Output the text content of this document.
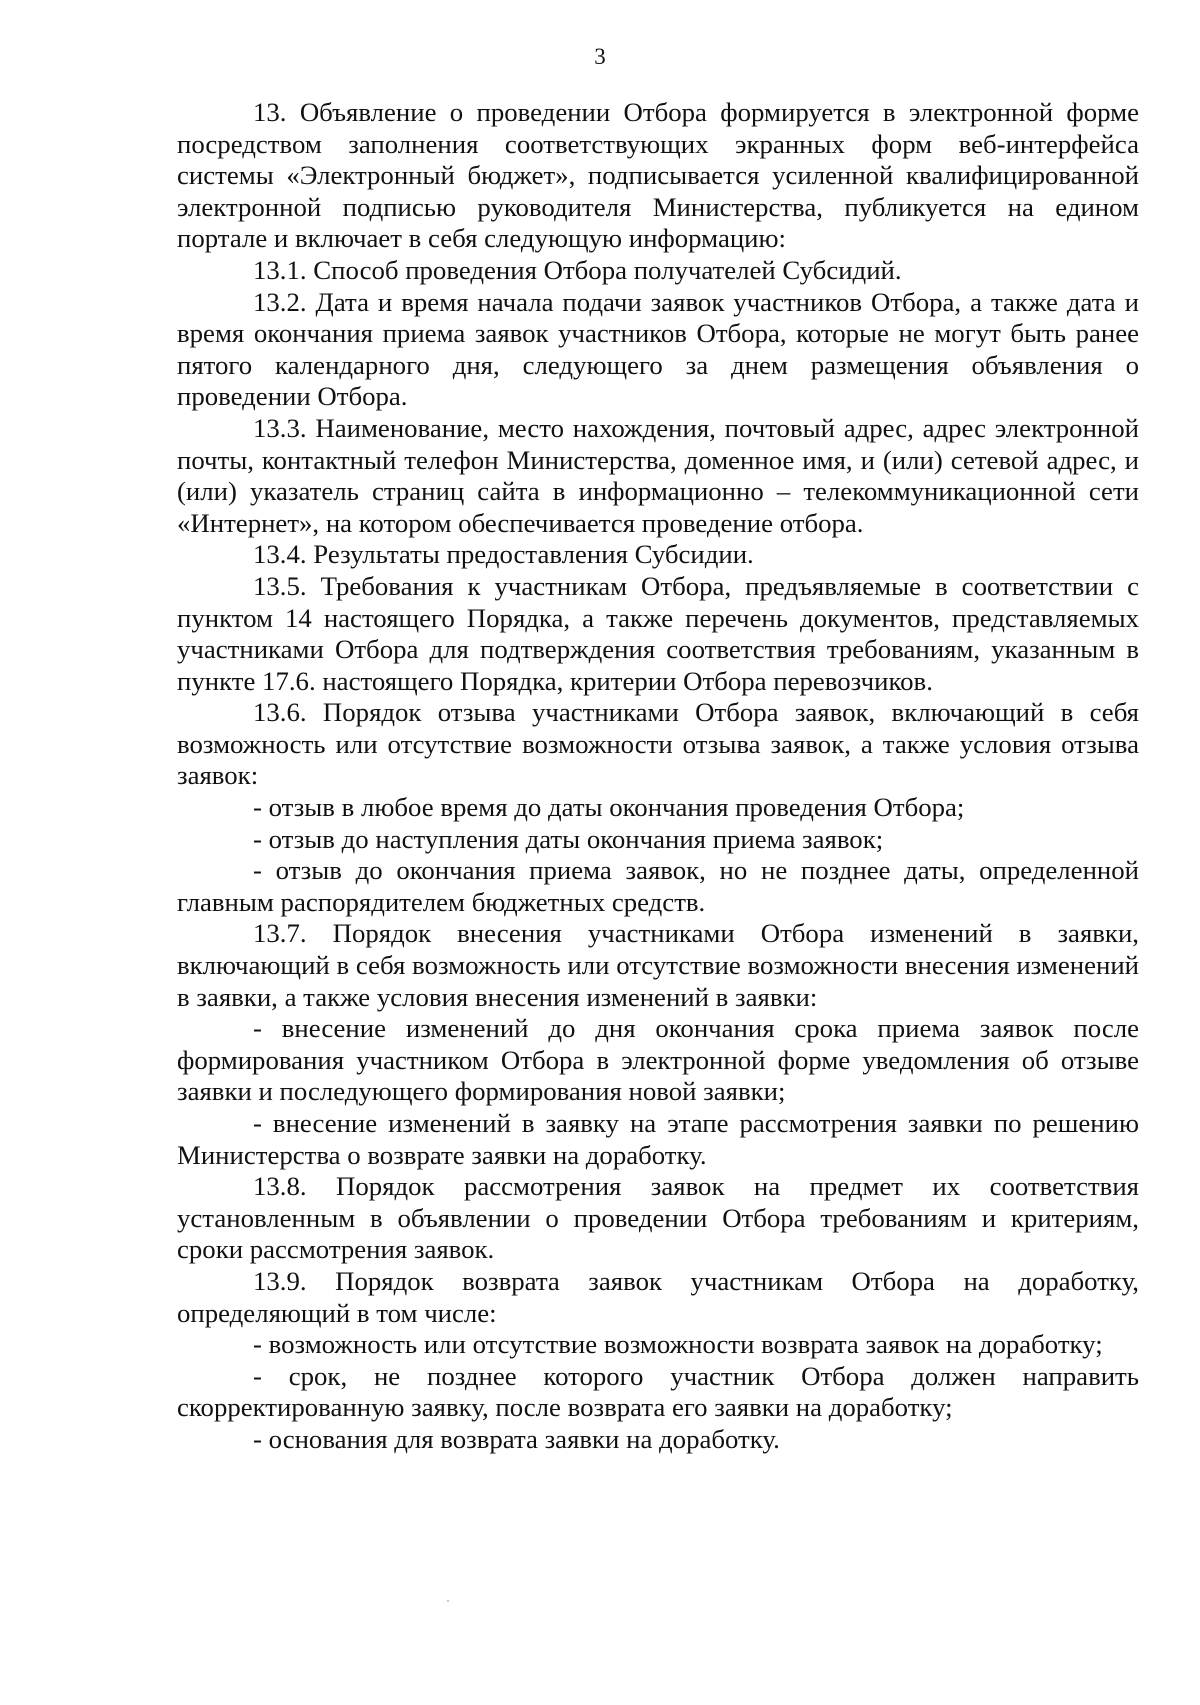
3

13. Объявление о проведении Отбора формируется в электронной форме посредством заполнения соответствующих экранных форм веб-интерфейса системы «Электронный бюджет», подписывается усиленной квалифицированной электронной подписью руководителя Министерства, публикуется на едином портале и включает в себя следующую информацию:

13.1. Способ проведения Отбора получателей Субсидий.

13.2. Дата и время начала подачи заявок участников Отбора, а также дата и время окончания приема заявок участников Отбора, которые не могут быть ранее пятого календарного дня, следующего за днем размещения объявления о проведении Отбора.

13.3. Наименование, место нахождения, почтовый адрес, адрес электронной почты, контактный телефон Министерства, доменное имя, и (или) сетевой адрес, и (или) указатель страниц сайта в информационно – телекоммуникационной сети «Интернет», на котором обеспечивается проведение отбора.

13.4. Результаты предоставления Субсидии.

13.5. Требования к участникам Отбора, предъявляемые в соответствии с пунктом 14 настоящего Порядка, а также перечень документов, представляемых участниками Отбора для подтверждения соответствия требованиям, указанным в пункте 17.6. настоящего Порядка, критерии Отбора перевозчиков.

13.6. Порядок отзыва участниками Отбора заявок, включающий в себя возможность или отсутствие возможности отзыва заявок, а также условия отзыва заявок:

- отзыв в любое время до даты окончания проведения Отбора;

- отзыв до наступления даты окончания приема заявок;

- отзыв до окончания приема заявок, но не позднее даты, определенной главным распорядителем бюджетных средств.

13.7. Порядок внесения участниками Отбора изменений в заявки, включающий в себя возможность или отсутствие возможности внесения изменений в заявки, а также условия внесения изменений в заявки:

- внесение изменений до дня окончания срока приема заявок после формирования участником Отбора в электронной форме уведомления об отзыве заявки и последующего формирования новой заявки;

- внесение изменений в заявку на этапе рассмотрения заявки по решению Министерства о возврате заявки на доработку.

13.8. Порядок рассмотрения заявок на предмет их соответствия установленным в объявлении о проведении Отбора требованиям и критериям, сроки рассмотрения заявок.

13.9. Порядок возврата заявок участникам Отбора на доработку, определяющий в том числе:

- возможность или отсутствие возможности возврата заявок на доработку;

- срок, не позднее которого участник Отбора должен направить скорректированную заявку, после возврата его заявки на доработку;

- основания для возврата заявки на доработку.
